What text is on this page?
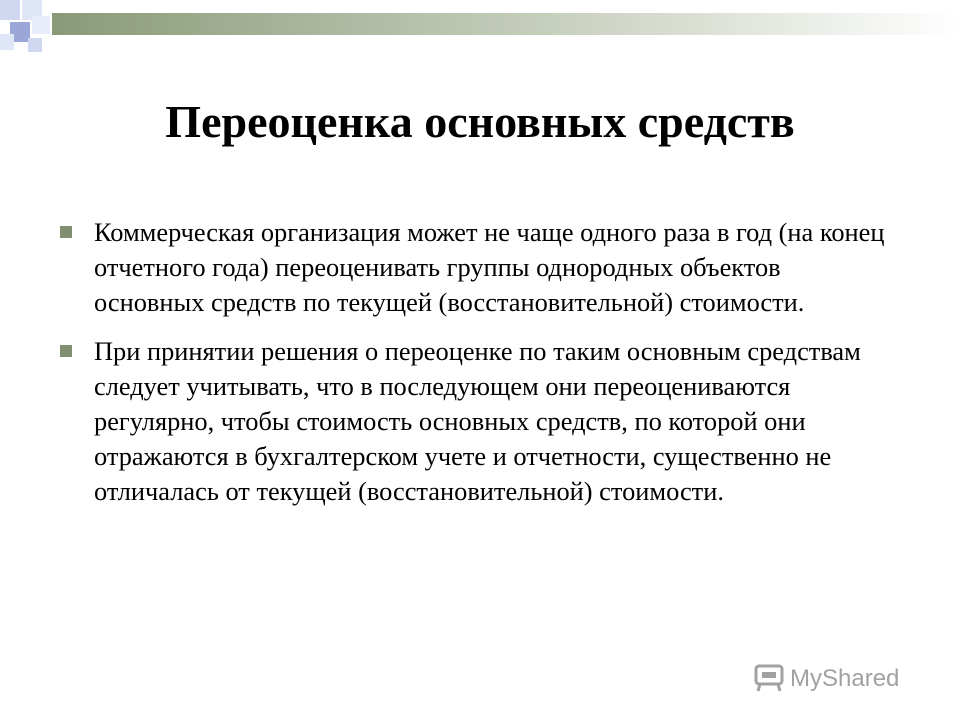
Переоценка основных средств
Коммерческая организация может не чаще одного раза в год (на конец отчетного года) переоценивать группы однородных объектов основных средств по текущей (восстановительной) стоимости.
При принятии решения о переоценке по таким основным средствам следует учитывать, что в последующем они переоцениваются регулярно, чтобы стоимость основных средств, по которой они отражаются в бухгалтерском учете и отчетности, существенно не отличалась от текущей (восстановительной) стоимости.
MyShared
